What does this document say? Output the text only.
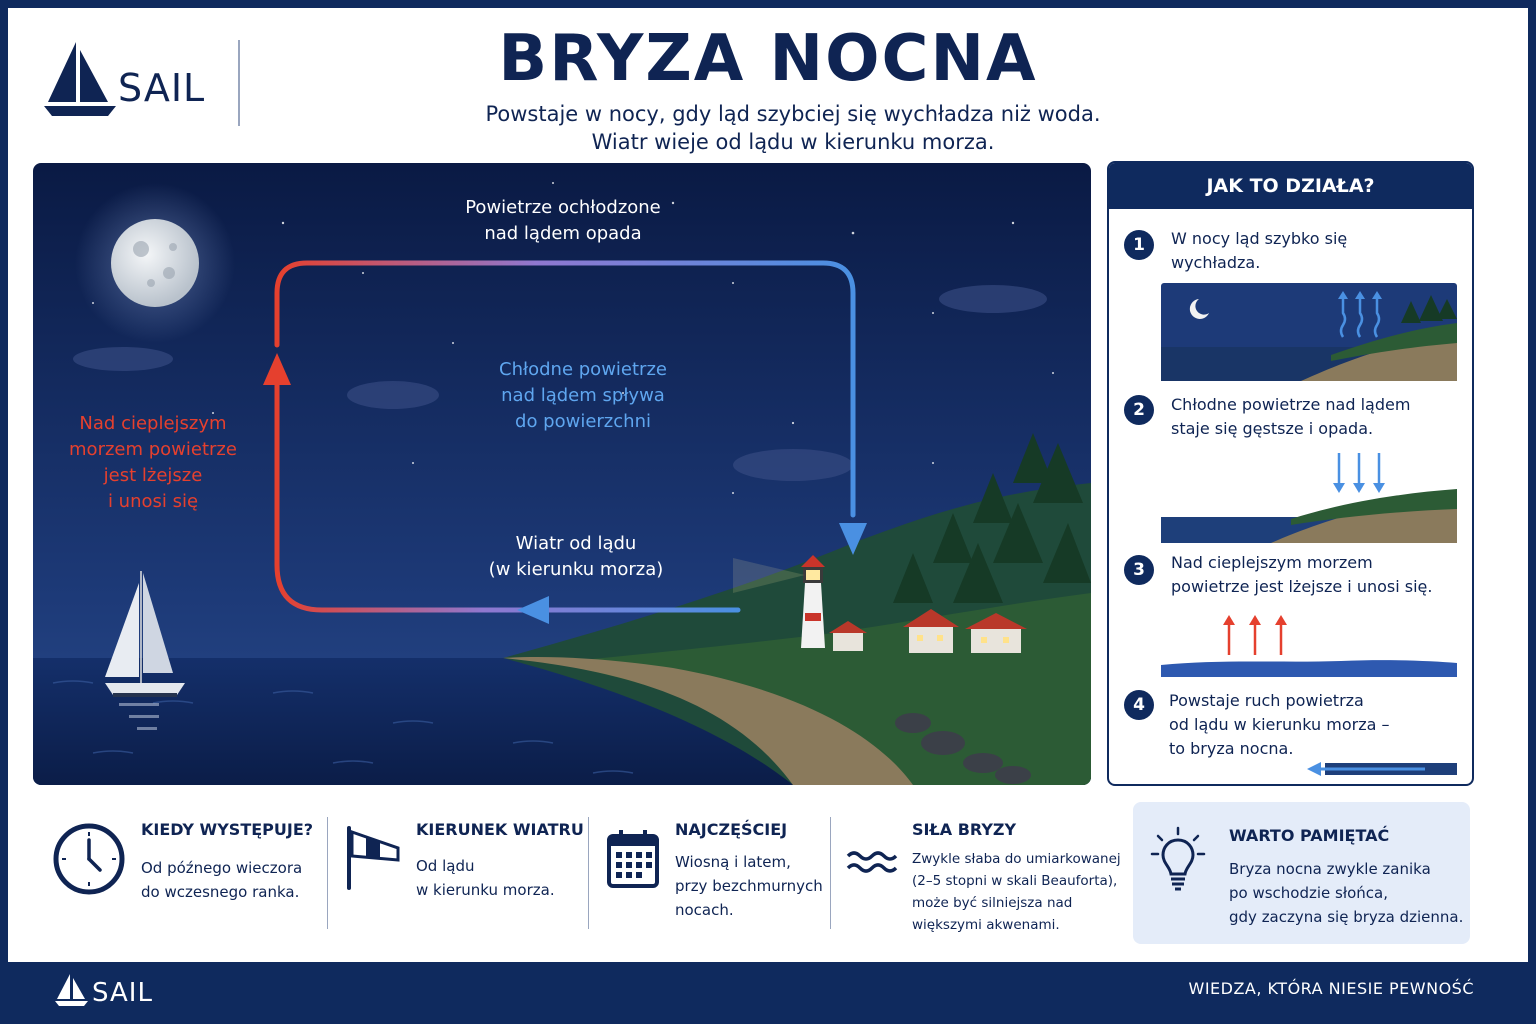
SAIL	BRYZA NOCNA
Powstaje w nocy, gdy ląd szybciej się wychładza niż woda.
Wiatr wieje od lądu w kierunku morza.
Powietrze ochłodzone
nad lądem opada
Chłodne powietrze
nad lądem spływa
do powierzchni
Nad cieplejszym
morzem powietrze
jest lżejsze
i unosi się
Wiatr od lądu
(w kierunku morza)
JAK TO DZIAŁA?
1	W nocy ląd szybko się
wychładza.
2	Chłodne powietrze nad lądem
staje się gęstsze i opada.
3	Nad cieplejszym morzem
powietrze jest lżejsze i unosi się.
4	Powstaje ruch powietrza
od lądu w kierunku morza –
to bryza nocna.
KIEDY WYSTĘPUJE?
Od późnego wieczora
do wczesnego ranka.
KIERUNEK WIATRU
Od lądu
w kierunku morza.
NAJCZĘŚCIEJ
Wiosną i latem,
przy bezchmurnych
nocach.
SIŁA BRYZY
Zwykle słaba do umiarkowanej
(2–5 stopni w skali Beauforta),
może być silniejsza nad
większymi akwenami.
WARTO PAMIĘTAĆ
Bryza nocna zwykle zanika
po wschodzie słońca,
gdy zaczyna się bryza dzienna.
SAIL	WIEDZA, KTÓRA NIESIE PEWNOŚĆ
